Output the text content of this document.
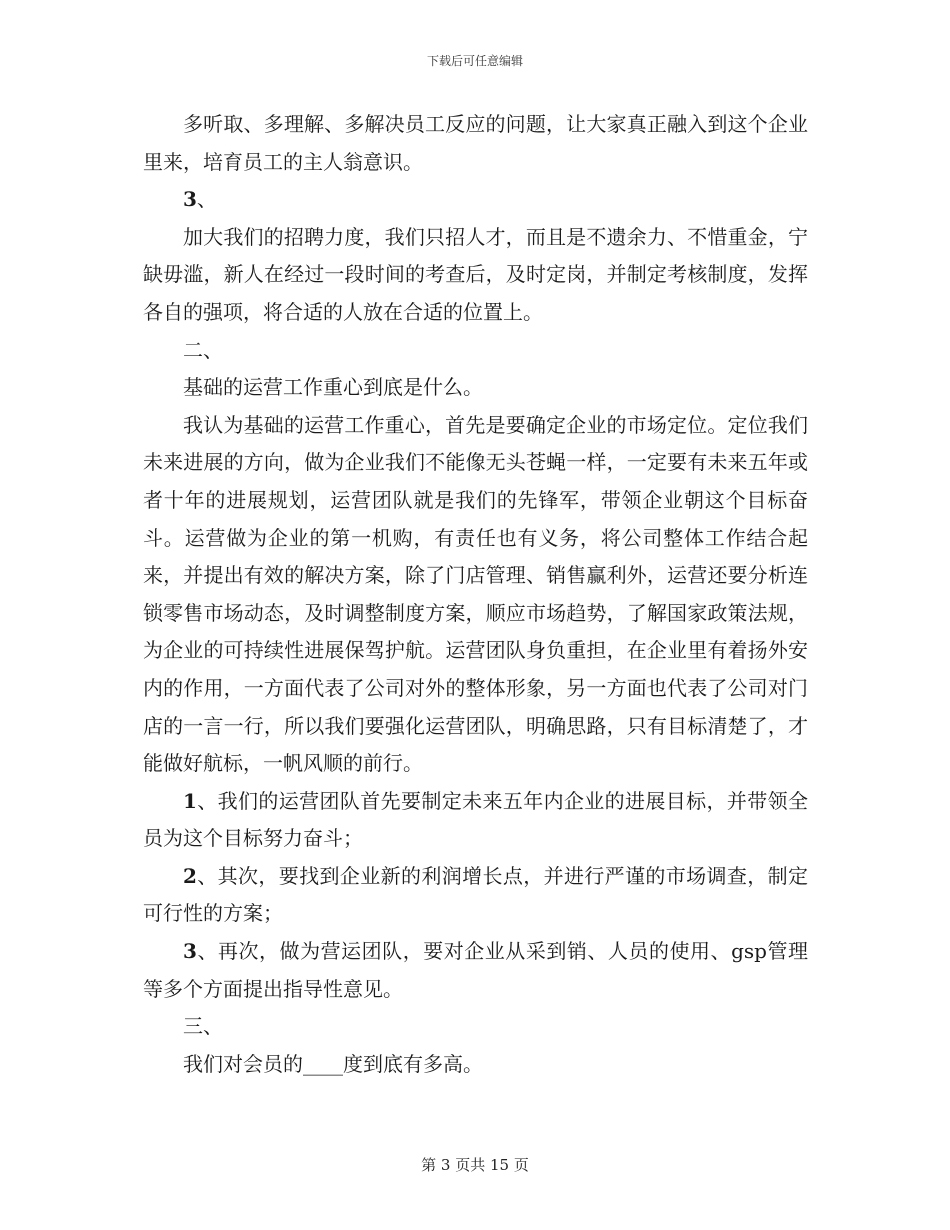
下载后可任意编辑

多听取、多理解、多解决员工反应的问题，让大家真正融入到这个企业里来，培育员工的主人翁意识。

3、

加大我们的招聘力度，我们只招人才，而且是不遗余力、不惜重金，宁缺毋滥，新人在经过一段时间的考查后，及时定岗，并制定考核制度，发挥各自的强项，将合适的人放在合适的位置上。

二、

基础的运营工作重心到底是什么。

我认为基础的运营工作重心，首先是要确定企业的市场定位。定位我们未来进展的方向，做为企业我们不能像无头苍蝇一样，一定要有未来五年或者十年的进展规划，运营团队就是我们的先锋军，带领企业朝这个目标奋斗。运营做为企业的第一机购，有责任也有义务，将公司整体工作结合起来，并提出有效的解决方案，除了门店管理、销售赢利外，运营还要分析连锁零售市场动态，及时调整制度方案，顺应市场趋势，了解国家政策法规，为企业的可持续性进展保驾护航。运营团队身负重担，在企业里有着扬外安内的作用，一方面代表了公司对外的整体形象，另一方面也代表了公司对门店的一言一行，所以我们要强化运营团队，明确思路，只有目标清楚了，才能做好航标，一帆风顺的前行。

1、我们的运营团队首先要制定未来五年内企业的进展目标，并带领全员为这个目标努力奋斗；

2、其次，要找到企业新的利润增长点，并进行严谨的市场调查，制定可行性的方案；

3、再次，做为营运团队，要对企业从采到销、人员的使用、gsp管理等多个方面提出指导性意见。

三、

我们对会员的____度到底有多高。

第 3 页共 15 页
